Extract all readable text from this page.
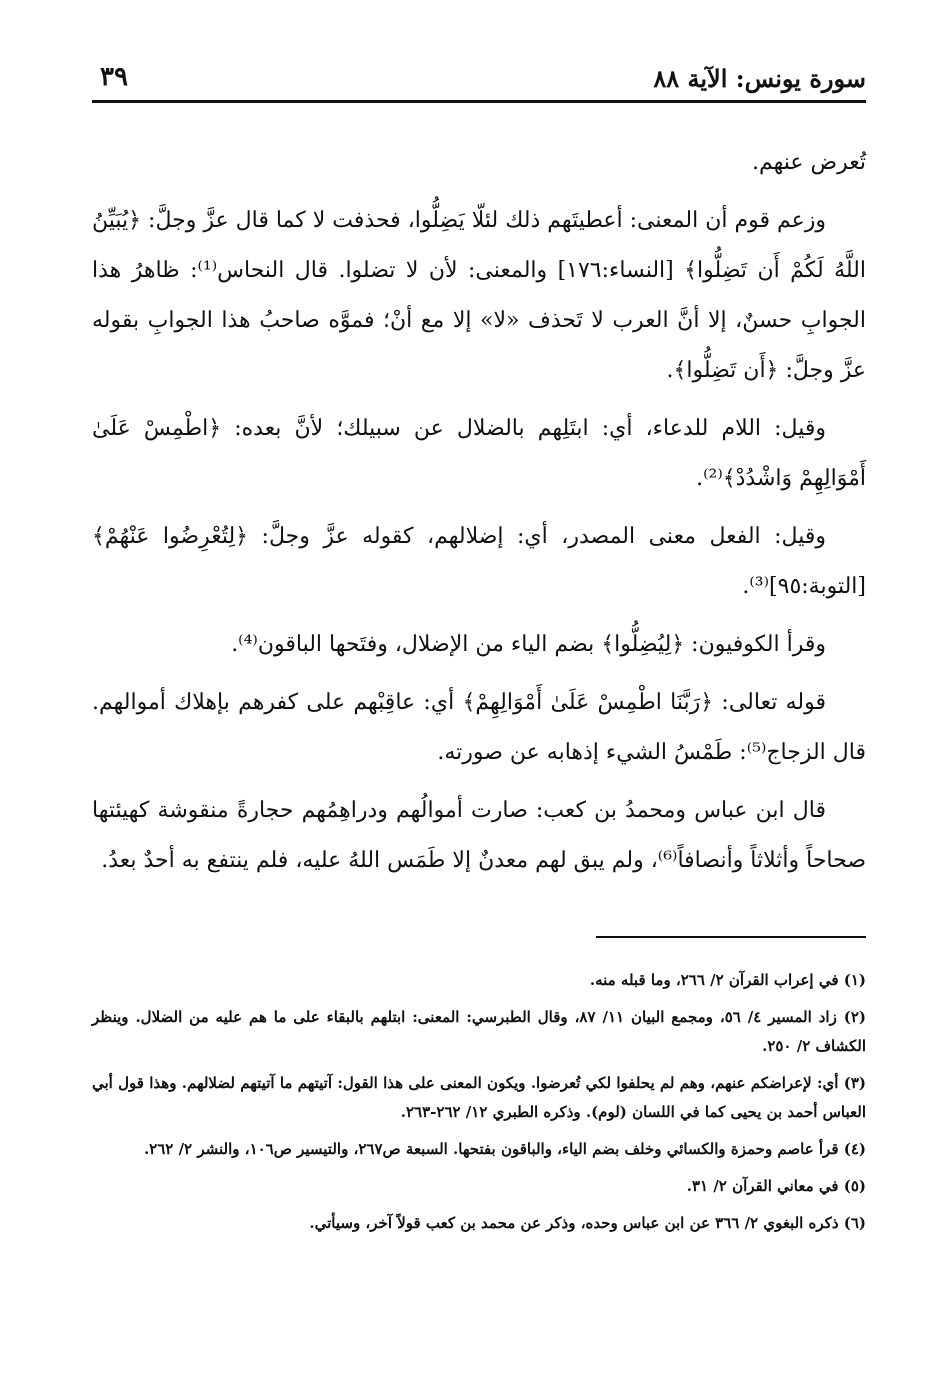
سورة يونس: الآية ٨٨
٣٩

تُعرض عنهم.

وزعم قوم أن المعنى: أعطيتَهم ذلك لئلّا يَضِلُّوا، فحذفت لا كما قال عزَّ وجلَّ: ﴿يُبَيِّنُ اللَّهُ لَكُمْ أَن تَضِلُّوا﴾ [النساء:١٧٦] والمعنى: لأن لا تضلوا. قال النحاس⁽¹⁾: ظاهرُ هذا الجوابِ حسنٌ، إلا أنَّ العرب لا تَحذف «لا» إلا مع أنْ؛ فموَّه صاحبُ هذا الجوابِ بقوله عزَّ وجلَّ: ﴿أَن تَضِلُّوا﴾.

وقيل: اللام للدعاء، أي: ابتَلِهم بالضلال عن سبيلك؛ لأنَّ بعده: ﴿اطْمِسْ عَلَىٰ أَمْوَالِهِمْ وَاشْدُدْ﴾⁽²⁾.

وقيل: الفعل معنى المصدر، أي: إضلالهم، كقوله عزَّ وجلَّ: ﴿لِتُعْرِضُوا عَنْهُمْ﴾ [التوبة:٩٥]⁽³⁾.

وقرأ الكوفيون: ﴿لِيُضِلُّوا﴾ بضم الياء من الإضلال، وفتَحها الباقون⁽⁴⁾.

قوله تعالى: ﴿رَبَّنَا اطْمِسْ عَلَىٰ أَمْوَالِهِمْ﴾ أي: عاقِبْهم على كفرهم بإهلاك أموالهم. قال الزجاج⁽⁵⁾: طَمْسُ الشيء إذهابه عن صورته.

قال ابن عباس ومحمدُ بن كعب: صارت أموالُهم ودراهِمُهم حجارةً منقوشة كهيئتها صحاحاً وأثلاثاً وأنصافاً⁽⁶⁾، ولم يبق لهم معدنٌ إلا طَمَس اللهُ عليه، فلم ينتفع به أحدٌ بعدُ.

(١) في إعراب القرآن ٢/ ٢٦٦، وما قبله منه.

(٢) زاد المسير ٤/ ٥٦، ومجمع البيان ١١/ ٨٧، وقال الطبرسي: المعنى: ابتلهم بالبقاء على ما هم عليه من الضلال. وينظر الكشاف ٢/ ٢٥٠.

(٣) أي: لإعراضكم عنهم، وهم لم يحلفوا لكي تُعرضوا. ويكون المعنى على هذا القول: آتيتهم ما آتيتهم لضلالهم. وهذا قول أبي العباس أحمد بن يحيى كما في اللسان (لوم). وذكره الطبري ١٢/ ٢٦٢-٢٦٣.

(٤) قرأ عاصم وحمزة والكسائي وخلف بضم الياء، والباقون بفتحها. السبعة ص٢٦٧، والتيسير ص١٠٦، والنشر ٢/ ٢٦٢.

(٥) في معاني القرآن ٢/ ٣١.

(٦) ذكره البغوي ٢/ ٣٦٦ عن ابن عباس وحده، وذكر عن محمد بن كعب قولاً آخر، وسيأتي.
